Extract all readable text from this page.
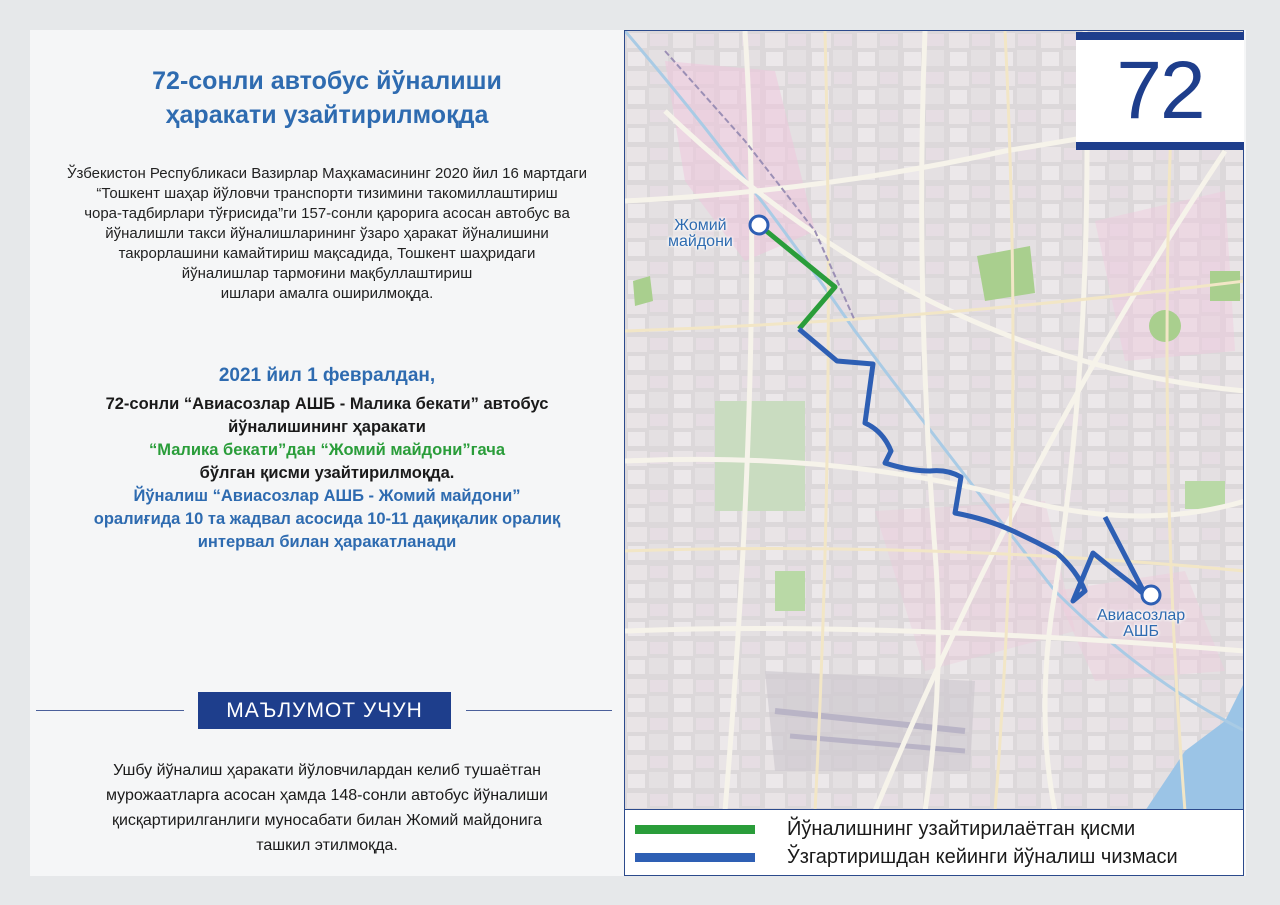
72-сонли автобус йўналиши
ҳаракати узайтирилмоқда
Ўзбекистон Республикаси Вазирлар Маҳкамасининг 2020 йил 16 мартдаги
“Тошкент шаҳар йўловчи транспорти тизимини такомиллаштириш
чора-тадбирлари тўғрисида”ги 157-сонли қарорига асосан автобус ва
йўналишли такси йўналишларининг ўзаро ҳаракат йўналишини
такрорлашини камайтириш мақсадида, Тошкент шаҳридаги
йўналишлар тармоғини мақбуллаштириш
ишлари амалга оширилмоқда.
2021 йил 1 февралдан,
72-сонли “Авиасозлар АШБ - Малика бекати” автобус
йўналишининг ҳаракати
“Малика бекати”дан “Жомий майдони”гача
бўлган қисми узайтирилмоқда.
Йўналиш “Авиасозлар АШБ - Жомий майдони”
оралиғида 10 та жадвал асосида 10-11 дақиқалик оралиқ
интервал билан ҳаракатланади
МАЪЛУМОТ УЧУН
Ушбу йўналиш ҳаракати йўловчилардан келиб тушаётган
мурожаатларга асосан ҳамда 148-сонли автобус йўналиши
қисқартирилганлиги муносабати билан Жомий майдонига
ташкил этилмоқда.
72
Жомий
майдони
Авиасозлар
АШБ
Йўналишнинг узайтирилаётган қисми
Ўзгартиришдан кейинги йўналиш чизмаси
